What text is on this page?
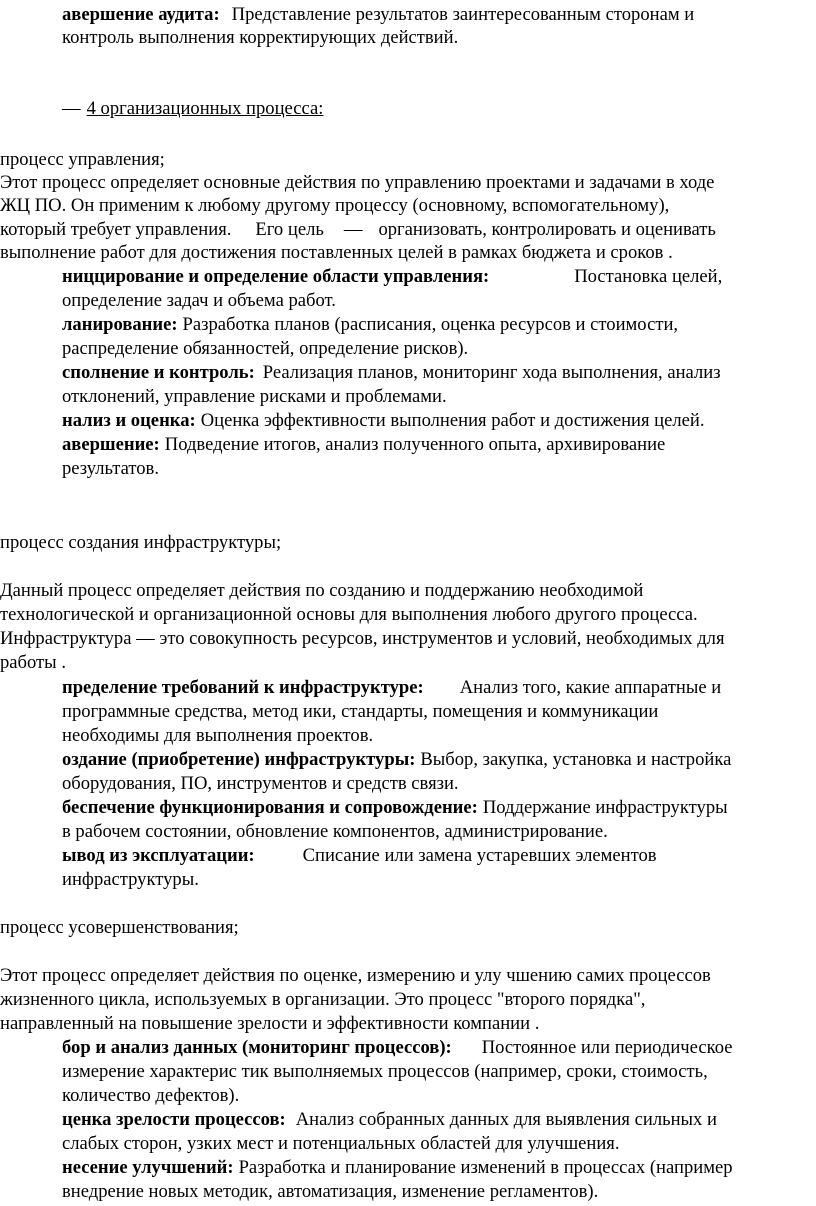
авершение аудита: Представление результатов заинтересованным сторонам и
контроль выполнения корректирующих действий.
— 4 организационных процесса:
процесс управления;
Этот процесс определяет основные действия по управлению проектами и задачами в ходе
ЖЦ ПО. Он применим к любому другому процессу (основному, вспомогательному),
который требует управления. Его цель — организовать, контролировать и оценивать
выполнение работ для достижения поставленных целей в рамках бюджета и сроков .
ниццирование и определение области управления:	Постановка целей,
определение задач и объема работ.
ланирование: Разработка планов (расписания, оценка ресурсов и стоимости,
распределение обязанностей, определение рисков).
сполнение и контроль: Реализация планов, мониторинг хода выполнения, анализ
отклонений, управление рисками и проблемами.
нализ и оценка: Оценка эффективности выполнения работ и достижения целей.
авершение: Подведение итогов, анализ полученного опыта, архивирование
результатов.
процесс создания инфраструктуры;
Данный процесс определяет действия по созданию и поддержанию необходимой
технологической и организационной основы для выполнения любого другого процесса.
Инфраструктура — это совокупность ресурсов, инструментов и условий, необходимых для
работы .
пределение требований к инфраструктуре: Анализ того, какие аппаратные и
программные средства, метод ики, стандарты, помещения и коммуникации
необходимы для выполнения проектов.
оздание (приобретение) инфраструктуры: Выбор, закупка, установка и настройка
оборудования, ПО, инструментов и средств связи.
беспечение функционирования и сопровождение: Поддержание инфраструктуры
в рабочем состоянии, обновление компонентов, администрирование.
ывод из эксплуатации:	Списание или замена устаревших элементов
инфраструктуры.
процесс усовершенствования;
Этот процесс определяет действия по оценке, измерению и улу чшению самих процессов
жизненного цикла, используемых в организации. Это процесс "второго порядка",
направленный на повышение зрелости и эффективности компании .
бор и анализ данных (мониторинг процессов): Постоянное или периодическое
измерение характерис тик выполняемых процессов (например, сроки, стоимость,
количество дефектов).
ценка зрелости процессов: Анализ собранных данных для выявления сильных и
слабых сторон, узких мест и потенциальных областей для улучшения.
несение улучшений: Разработка и планирование изменений в процессах (например
внедрение новых методик, автоматизация, изменение регламентов).
